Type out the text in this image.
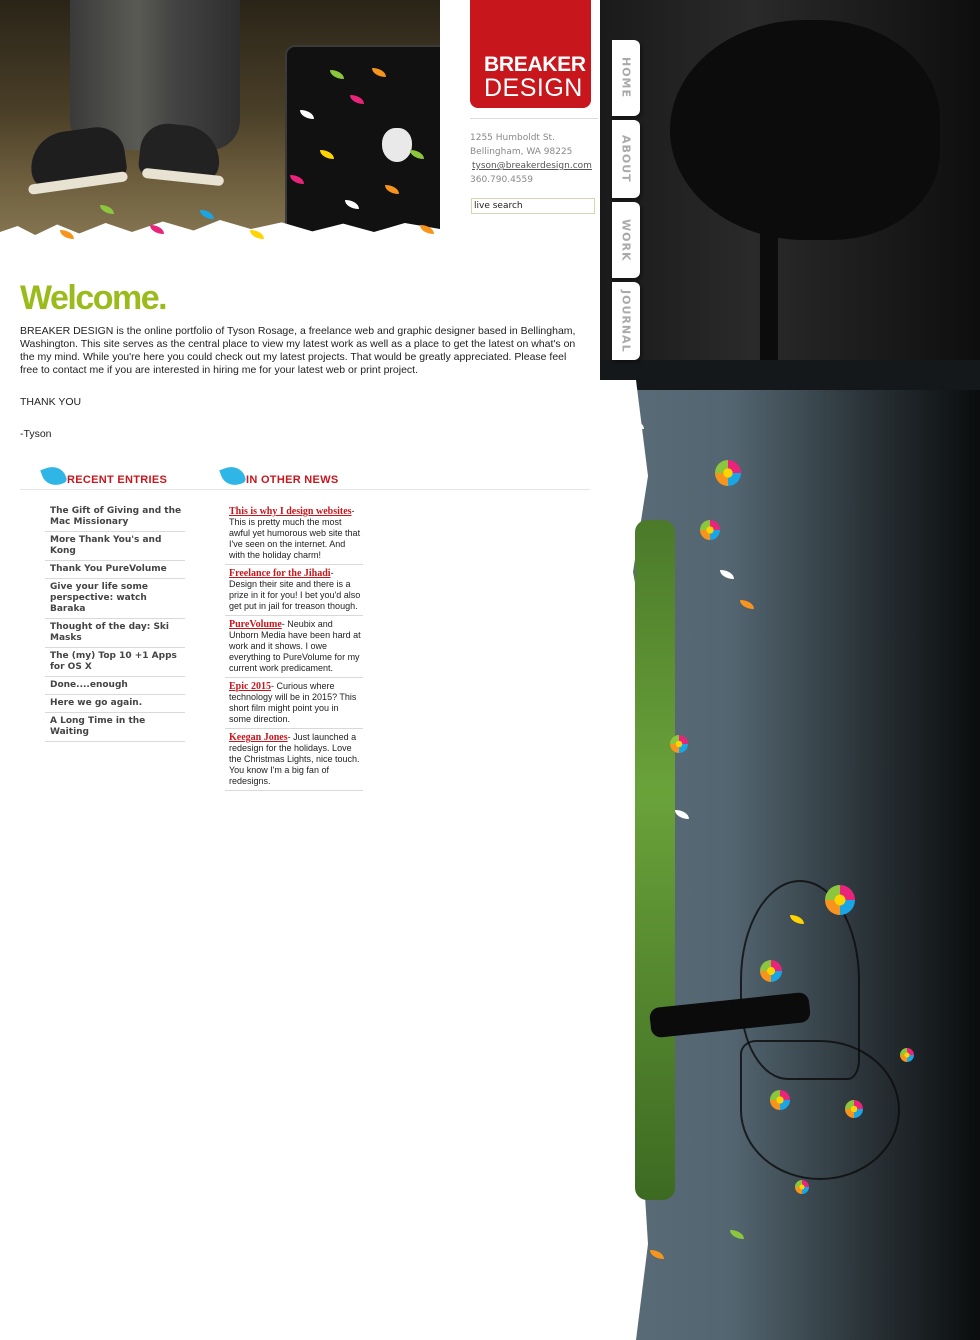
BREAKER
DESIGN
1255 Humboldt St.
Bellingham, WA 98225
tyson@breakerdesign.com
360.790.4559
live search
HOME
ABOUT
WORK
JOURNAL
Welcome.

BREAKER DESIGN is the online portfolio of Tyson Rosage, a freelance web and graphic designer based in Bellingham, Washington. This site serves as the central place to view my latest work as well as a place to get the latest on what's on the my mind. While you're here you could check out my latest projects. That would be greatly appreciated. Please feel free to contact me if you are interested in hiring me for your latest web or print project.

THANK YOU

-Tyson

RECENT ENTRIES	IN OTHER NEWS
The Gift of Giving and the Mac Missionary
More Thank You's and Kong
Thank You PureVolume
Give your life some perspective: watch Baraka
Thought of the day: Ski Masks
The (my) Top 10 +1 Apps for OS X
Done....enough
Here we go again.
A Long Time in the Waiting
This is why I design websites- This is pretty much the most awful yet humorous web site that I've seen on the internet. And with the holiday charm!
Freelance for the Jihadi- Design their site and there is a prize in it for you! I bet you'd also get put in jail for treason though.
PureVolume- Neubix and Unborn Media have been hard at work and it shows. I owe everything to PureVolume for my current work predicament.
Epic 2015- Curious where technology will be in 2015? This short film might point you in some direction.
Keegan Jones- Just launched a redesign for the holidays. Love the Christmas Lights, nice touch. You know I'm a big fan of redesigns.
